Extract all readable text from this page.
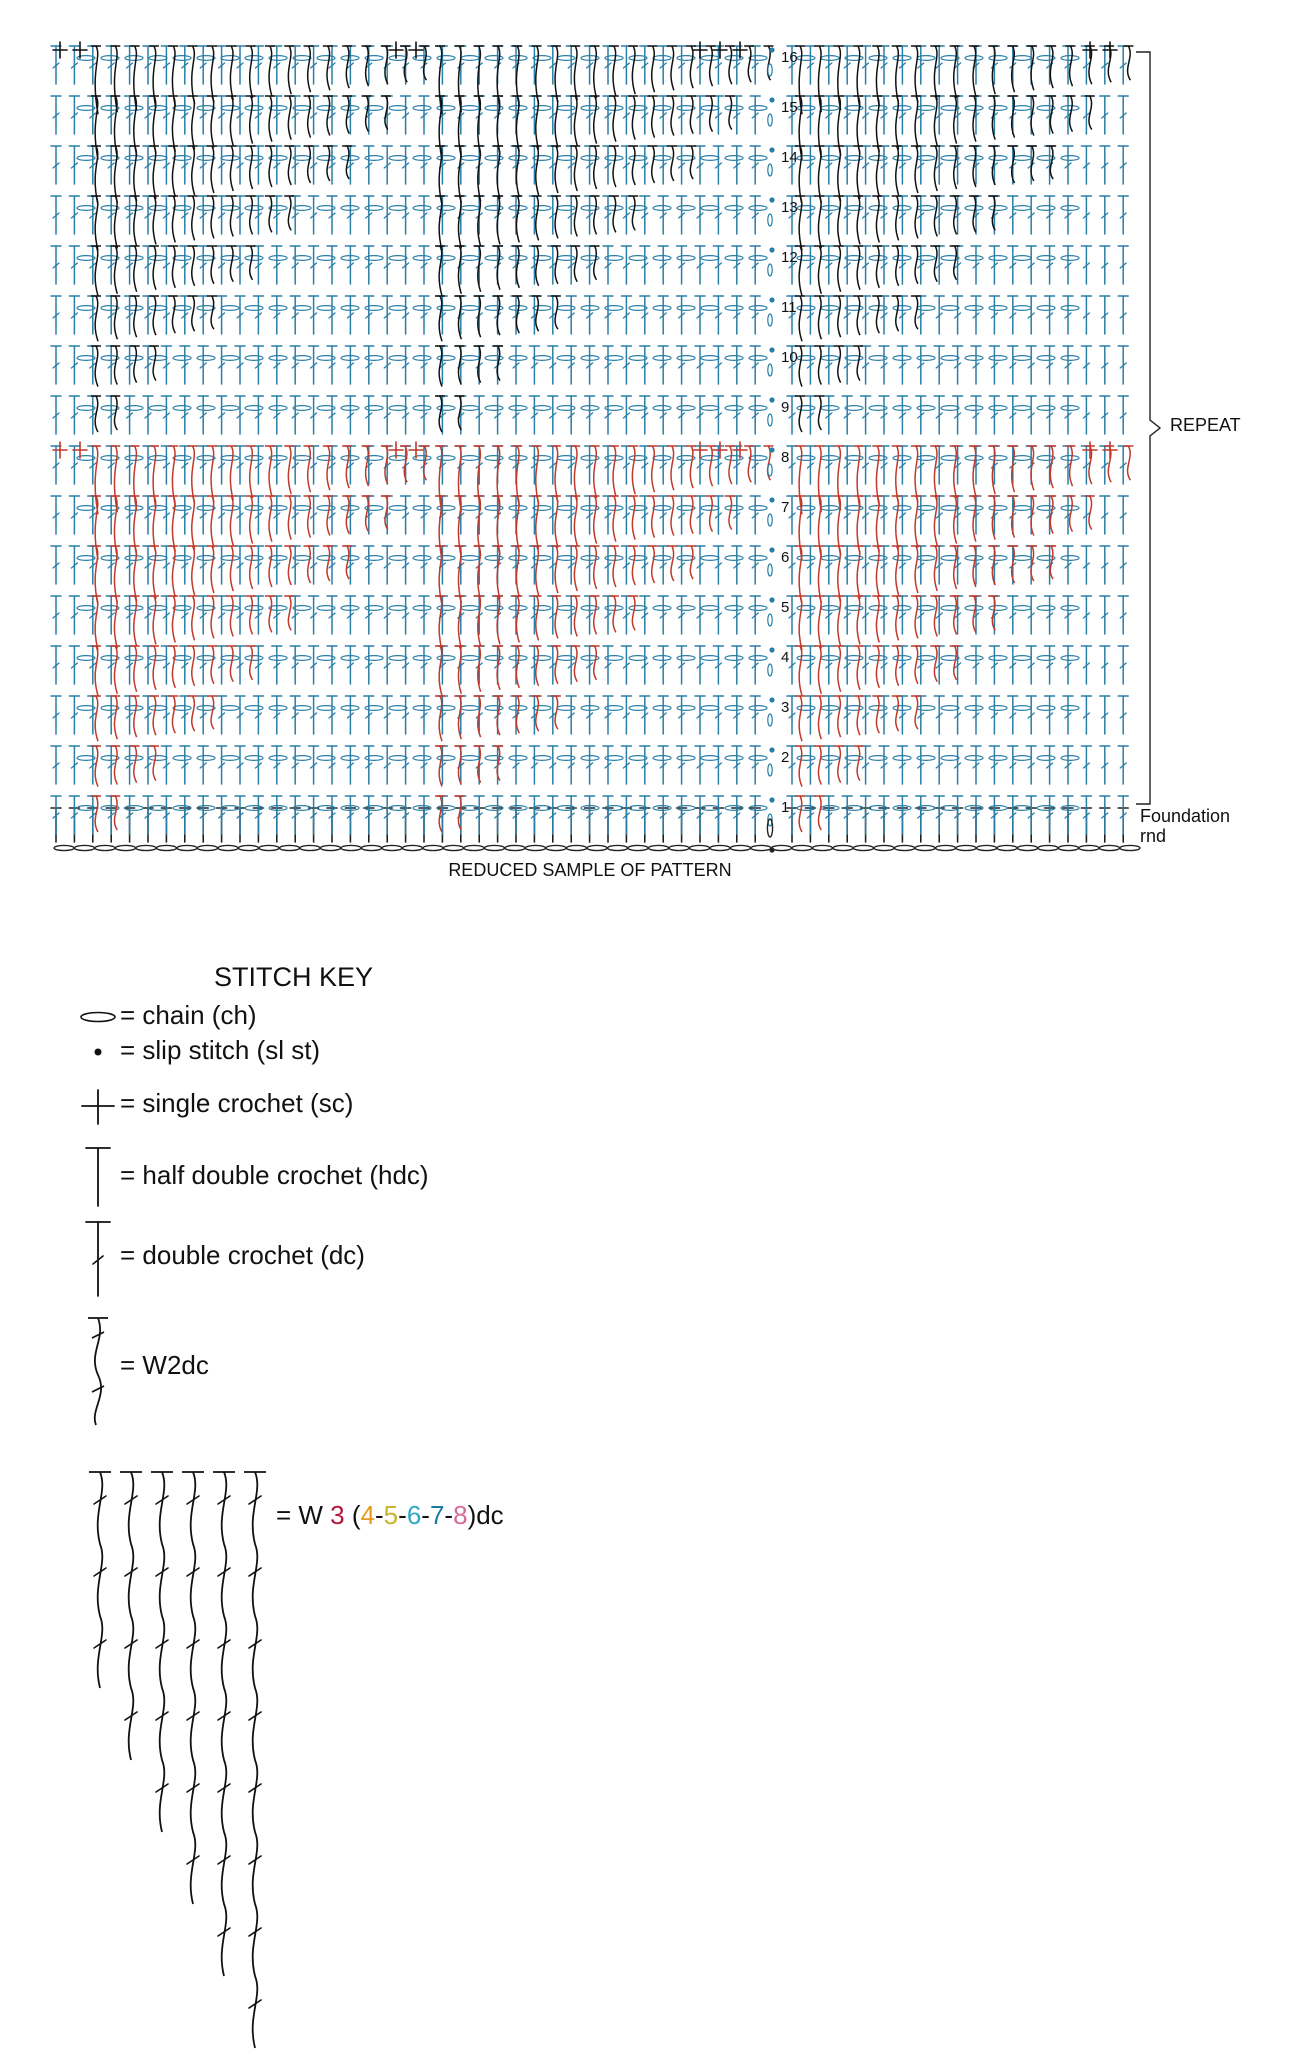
1
2
3
4
5
6
7
8
9
10
11
12
13
14
15
16
REPEAT
Foundation
rnd
REDUCED SAMPLE OF PATTERN
STITCH KEY
= chain (ch)
= slip stitch (sl st)
= single crochet (sc)
= half double crochet (hdc)
= double crochet (dc)
= W2dc
= W 3 (4-5-6-7-8)dc
